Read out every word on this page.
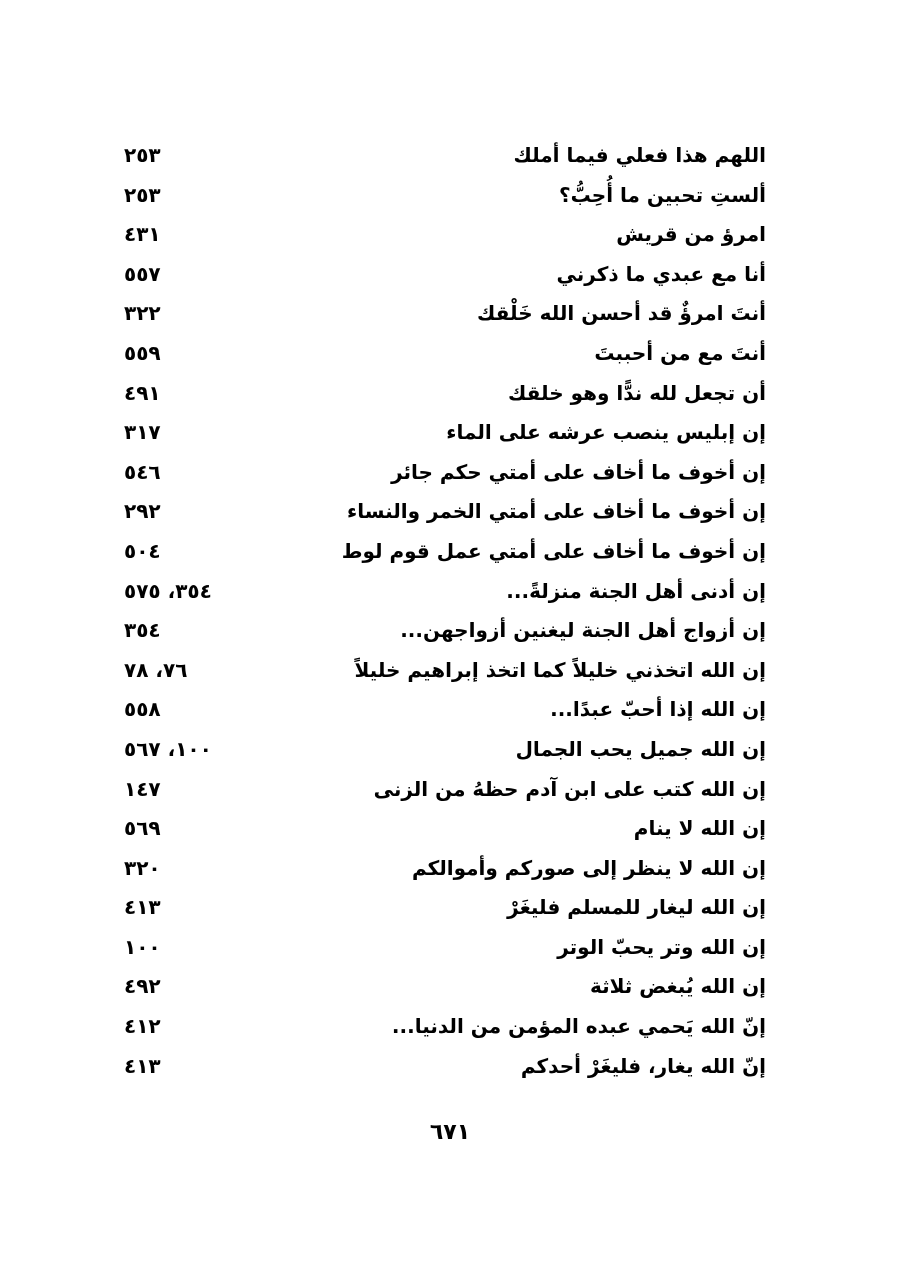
اللهم هذا فعلي فيما أملك
٢٥٣
ألستِ تحبين ما أُحِبُّ؟
٢٥٣
امرؤ من قريش
٤٣١
أنا مع عبدي ما ذكرني
٥٥٧
أنتَ امرؤٌ قد أحسن الله خَلْقك
٣٢٢
أنتَ مع من أحببتَ
٥٥٩
أن تجعل لله ندًّا وهو خلقك
٤٩١
إن إبليس ينصب عرشه على الماء
٣١٧
إن أخوف ما أخاف على أمتي حكم جائر
٥٤٦
إن أخوف ما أخاف على أمتي الخمر والنساء
٢٩٢
إن أخوف ما أخاف على أمتي عمل قوم لوط
٥٠٤
إن أدنى أهل الجنة منزلةً...
٣٥٤، ٥٧٥
إن أزواج أهل الجنة ليغنين أزواجهن...
٣٥٤
إن الله اتخذني خليلاً كما اتخذ إبراهيم خليلاً
٧٦، ٧٨
إن الله إذا أحبّ عبدًا...
٥٥٨
إن الله جميل يحب الجمال
١٠٠، ٥٦٧
إن الله كتب على ابن آدم حظهُ من الزنى
١٤٧
إن الله لا ينام
٥٦٩
إن الله لا ينظر إلى صوركم وأموالكم
٣٢٠
إن الله ليغار للمسلم فليغَرْ
٤١٣
إن الله وتر يحبّ الوتر
١٠٠
إن الله يُبغض ثلاثة
٤٩٢
إنّ الله يَحمي عبده المؤمن من الدنيا...
٤١٢
إنّ الله يغار، فليغَرْ أحدكم
٤١٣
٦٧١
